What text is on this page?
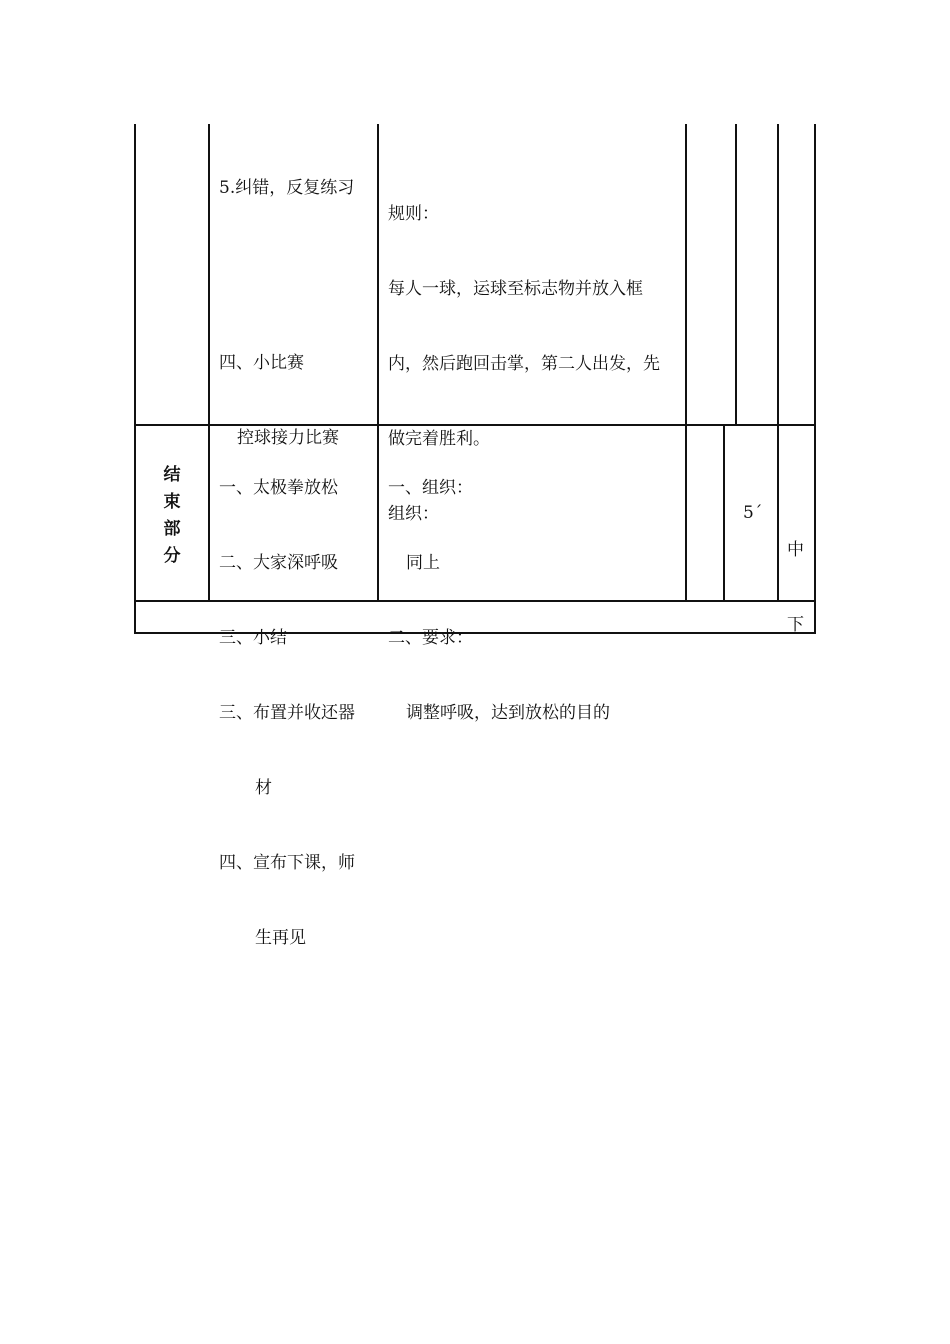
5.纠错，反复练习

四、小比赛

控球接力比赛

规则：

每人一球，运球至标志物并放入框

内，然后跑回击掌，第二人出发，先

做完着胜利。

组织：

结
束
部
分

一、太极拳放松

二、大家深呼吸

三、小结

三、布置并收还器

材

四、宣布下课，师

生再见

一、组织：

同上

二、要求：

调整呼吸，达到放松的目的

5´

中

下
